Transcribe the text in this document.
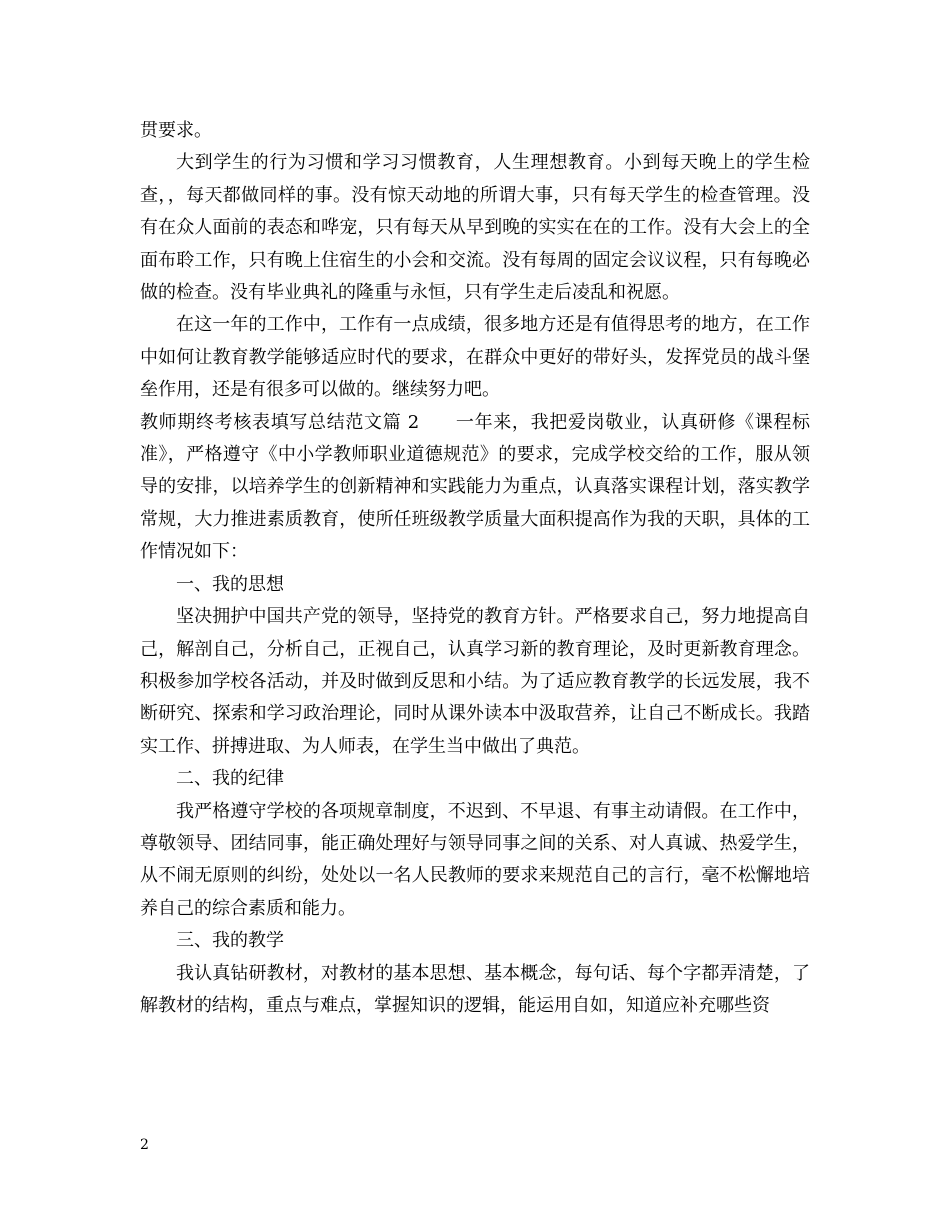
贯要求。

大到学生的行为习惯和学习习惯教育，人生理想教育。小到每天晚上的学生检查，，每天都做同样的事。没有惊天动地的所谓大事，只有每天学生的检查管理。没有在众人面前的表态和哗宠，只有每天从早到晚的实实在在的工作。没有大会上的全面布聆工作，只有晚上住宿生的小会和交流。没有每周的固定会议议程，只有每晚必做的检查。没有毕业典礼的隆重与永恒，只有学生走后凌乱和祝愿。

在这一年的工作中，工作有一点成绩，很多地方还是有值得思考的地方，在工作中如何让教育教学能够适应时代的要求，在群众中更好的带好头，发挥党员的战斗堡垒作用，还是有很多可以做的。继续努力吧。

教师期终考核表填写总结范文篇 2 一年来，我把爱岗敬业，认真研修《课程标准》，严格遵守《中小学教师职业道德规范》的要求，完成学校交给的工作，服从领导的安排，以培养学生的创新精神和实践能力为重点，认真落实课程计划，落实教学常规，大力推进素质教育，使所任班级教学质量大面积提高作为我的天职，具体的工作情况如下：

一、我的思想

坚决拥护中国共产党的领导，坚持党的教育方针。严格要求自己，努力地提高自己，解剖自己，分析自己，正视自己，认真学习新的教育理论，及时更新教育理念。积极参加学校各活动，并及时做到反思和小结。为了适应教育教学的长远发展，我不断研究、探索和学习政治理论，同时从课外读本中汲取营养，让自己不断成长。我踏实工作、拼搏进取、为人师表，在学生当中做出了典范。

二、我的纪律

我严格遵守学校的各项规章制度，不迟到、不早退、有事主动请假。在工作中，尊敬领导、团结同事，能正确处理好与领导同事之间的关系、对人真诚、热爱学生，从不闹无原则的纠纷，处处以一名人民教师的要求来规范自己的言行，毫不松懈地培养自己的综合素质和能力。

三、我的教学

我认真钻研教材，对教材的基本思想、基本概念，每句话、每个字都弄清楚，了解教材的结构，重点与难点，掌握知识的逻辑，能运用自如，知道应补充哪些资

2
